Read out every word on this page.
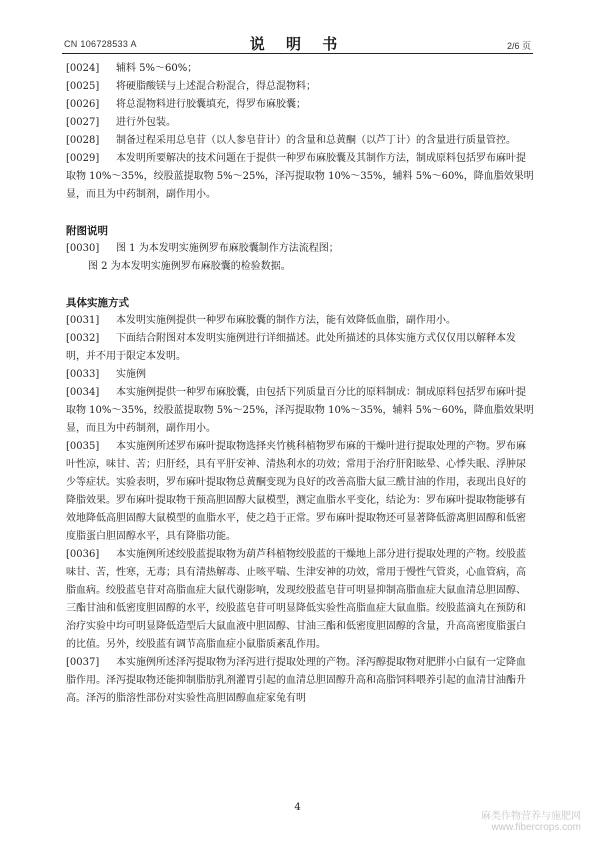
CN 106728533 A	说 明 书	2/6 页
[0024] 辅料 5%～60%；
[0025] 将硬脂酸镁与上述混合粉混合，得总混物料；
[0026] 将总混物料进行胶囊填充，得罗布麻胶囊；
[0027] 进行外包装。
[0028] 制备过程采用总皂苷（以人参皂苷计）的含量和总黄酮（以芦丁计）的含量进行质量管控。
[0029] 本发明所要解决的技术问题在于提供一种罗布麻胶囊及其制作方法，制成原料包括罗布麻叶提取物 10%～35%，绞股蓝提取物 5%～25%，泽泻提取物 10%～35%，辅料 5%～60%，降血脂效果明显，而且为中药制剂，副作用小。

附图说明

[0030] 图 1 为本发明实施例罗布麻胶囊制作方法流程图；
图 2 为本发明实施例罗布麻胶囊的检验数据。

具体实施方式

[0031] 本发明实施例提供一种罗布麻胶囊的制作方法，能有效降低血脂，副作用小。
[0032] 下面结合附图对本发明实施例进行详细描述。此处所描述的具体实施方式仅仅用以解释本发明，并不用于限定本发明。
[0033] 实施例
[0034] 本实施例提供一种罗布麻胶囊，由包括下列质量百分比的原料制成：制成原料包括罗布麻叶提取物 10%～35%，绞股蓝提取物 5%～25%，泽泻提取物 10%～35%，辅料 5%～60%，降血脂效果明显，而且为中药制剂，副作用小。
[0035] 本实施例所述罗布麻叶提取物选择夹竹桃科植物罗布麻的干燥叶进行提取处理的产物。罗布麻叶性凉，味甘、苦；归肝经，具有平肝安神、清热利水的功效；常用于治疗肝阳眩晕、心悸失眠、浮肿尿少等症状。实验表明，罗布麻叶提取物总黄酮变现为良好的改善高脂大鼠三酰甘油的作用，表现出良好的降脂效果。罗布麻叶提取物干预高胆固醇大鼠模型，测定血脂水平变化，结论为：罗布麻叶提取物能够有效地降低高胆固醇大鼠模型的血脂水平，使之趋于正常。罗布麻叶提取物还可显著降低游离胆固醇和低密度脂蛋白胆固醇水平，具有降脂功能。
[0036] 本实施例所述绞股蓝提取物为葫芦科植物绞股蓝的干燥地上部分进行提取处理的产物。绞股蓝味甘、苦，性寒，无毒；具有清热解毒、止咳平喘、生津安神的功效，常用于慢性气管炎，心血管病，高脂血病。绞股蓝皂苷对高脂血症大鼠代谢影响，发现绞股蓝皂苷可明显抑制高脂血症大鼠血清总胆固醇、三酯甘油和低密度胆固醇的水平，绞股蓝皂苷可明显降低实验性高脂血症大鼠血脂。绞股蓝滴丸在预防和治疗实验中均可明显降低造型后大鼠血液中胆固醇、甘油三酯和低密度胆固醇的含量，升高高密度脂蛋白的比值。另外，绞股蓝有调节高脂血症小鼠脂质紊乱作用。
[0037] 本实施例所述泽泻提取物为泽泻进行提取处理的产物。泽泻醇提取物对肥胖小白鼠有一定降血脂作用。泽泻提取物还能抑制脂肪乳剂灌胃引起的血清总胆固醇升高和高脂饲料喂养引起的血清甘油酯升高。泽泻的脂溶性部份对实验性高胆固醇血症家兔有明
4
麻类作物营养与施肥网
www.fibercrops.com
